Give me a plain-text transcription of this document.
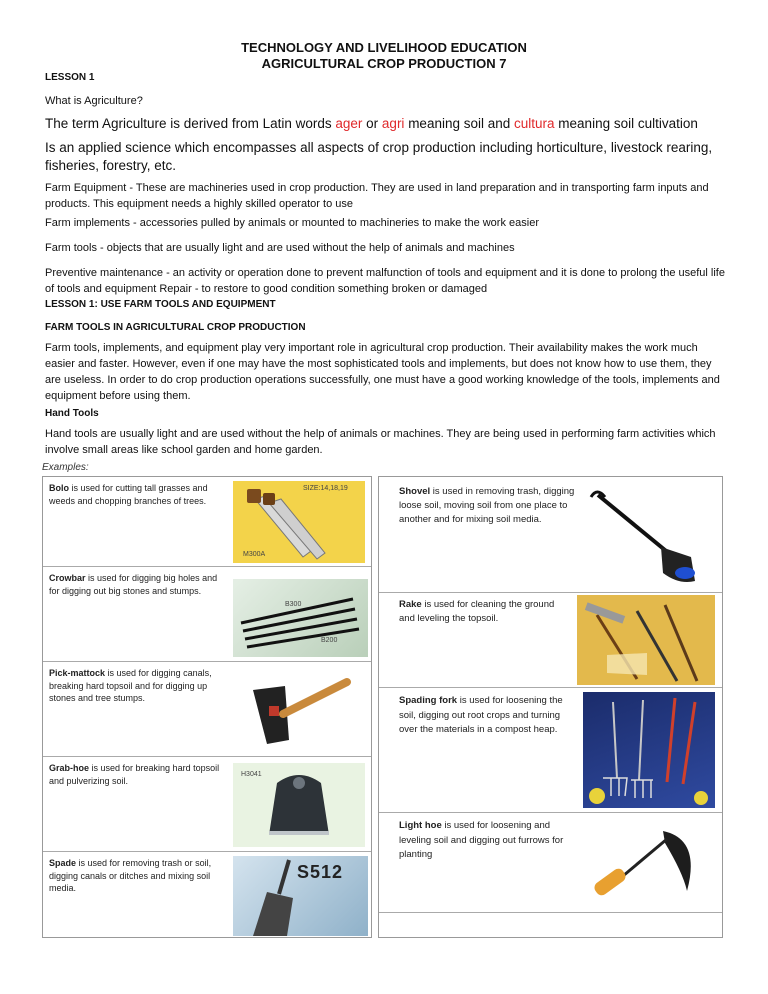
TECHNOLOGY AND LIVELIHOOD EDUCATION
AGRICULTURAL CROP PRODUCTION 7

LESSON 1

What is Agriculture?

The term Agriculture is derived from Latin words ager or agri meaning soil and cultura meaning soil cultivation

Is an applied science which encompasses all aspects of crop production including horticulture, livestock rearing, fisheries, forestry, etc.

Farm Equipment - These are machineries used in crop production. They are used in land preparation and in transporting farm inputs and products. This equipment needs a highly skilled operator to use

Farm implements - accessories pulled by animals or mounted to machineries to make the work easier

Farm tools - objects that are usually light and are used without the help of animals and machines

Preventive maintenance - an activity or operation done to prevent malfunction of tools and equipment and it is done to prolong the useful life of tools and equipment Repair - to restore to good condition something broken or damaged

LESSON 1: USE FARM TOOLS AND EQUIPMENT

FARM TOOLS IN AGRICULTURAL CROP PRODUCTION

Farm tools, implements, and equipment play very important role in agricultural crop production. Their availability makes the work much easier and faster. However, even if one may have the most sophisticated tools and implements, but does not know how to use them, they are useless. In order to do crop production operations successfully, one must have a good working knowledge of the tools, implements and equipment before using them.

Hand Tools

Hand tools are usually light and are used without the help of animals or machines. They are being used in performing farm activities which involve small areas like school garden and home garden.

Examples:
Bolo is used for cutting tall grasses and weeds and chopping branches of trees.
SIZE:14,18,19
M300A
Crowbar is used for digging big holes and for digging out big stones and stumps.
B300
B200
Pick-mattock is used for digging canals, breaking hard topsoil and for digging up stones and tree stumps.
Grab-hoe is used for breaking hard topsoil and pulverizing soil.
H3041
Spade is used for removing trash or soil, digging canals or ditches and mixing soil media.
S512
Shovel is used in removing trash, digging loose soil, moving soil from one place to another and for mixing soil media.
Rake is used for cleaning the ground and leveling the topsoil.
Spading fork is used for loosening the soil, digging out root crops and turning over the materials in a compost heap.
Light hoe is used for loosening and leveling soil and digging out furrows for planting
